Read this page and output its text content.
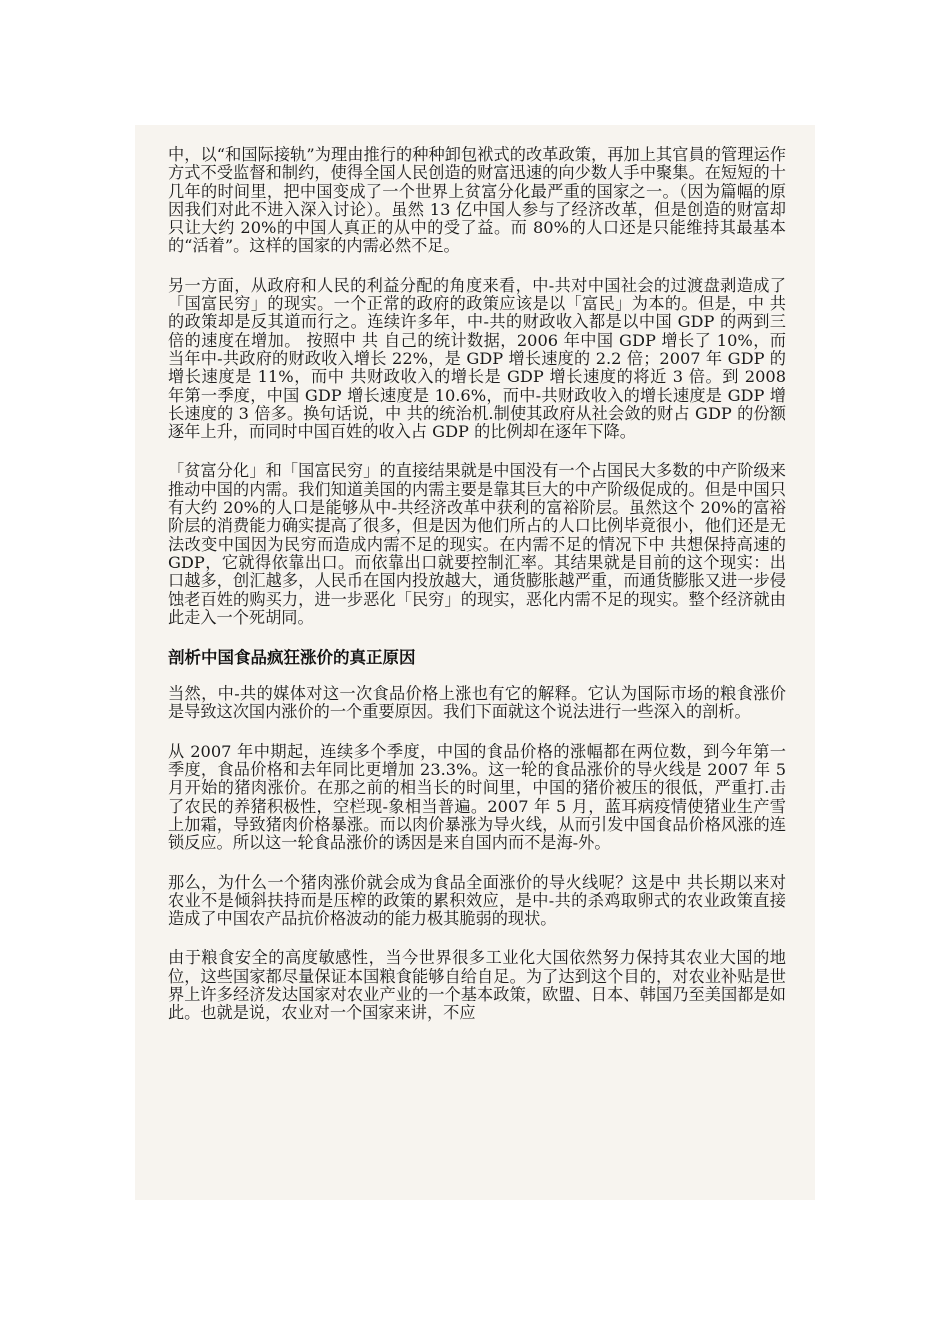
中，以“和国际接轨”为理由推行的种种卸包袱式的改革政策，再加上其官員的管理运作方式不受监督和制约，使得全国人民创造的财富迅速的向少数人手中聚集。在短短的十几年的时间里，把中国变成了一个世界上贫富分化最严重的国家之一。（因为篇幅的原因我们对此不进入深入讨论）。虽然 13 亿中国人参与了经济改革，但是创造的财富却只让大约 20%的中国人真正的从中的受了益。而 80%的人口还是只能维持其最基本的“活着”。这样的国家的内需必然不足。

另一方面，从政府和人民的利益分配的角度来看，中-共对中国社会的过渡盘剥造成了「国富民穷」的现实。一个正常的政府的政策应该是以「富民」为本的。但是，中 共的政策却是反其道而行之。连续许多年，中-共的财政收入都是以中国 GDP 的两到三倍的速度在增加。 按照中 共 自己的统计数据，2006 年中国 GDP 增长了 10%，而当年中-共政府的财政收入增长 22%，是 GDP 增长速度的 2.2 倍；2007 年 GDP 的增长速度是 11%，而中 共财政收入的增长是 GDP 增长速度的将近 3 倍。到 2008 年第一季度，中国 GDP 增长速度是 10.6%，而中-共财政收入的增长速度是 GDP 增长速度的 3 倍多。换句话说，中 共的统治机.制使其政府从社会敛的财占 GDP 的份额逐年上升，而同时中国百姓的收入占 GDP 的比例却在逐年下降。

「贫富分化」和「国富民穷」的直接结果就是中国没有一个占国民大多数的中产阶级来推动中国的内需。我们知道美国的内需主要是靠其巨大的中产阶级促成的。但是中国只有大约 20%的人口是能够从中-共经济改革中获利的富裕阶层。虽然这个 20%的富裕阶层的消费能力确实提高了很多，但是因为他们所占的人口比例毕竟很小，他们还是无法改变中国因为民穷而造成内需不足的现实。在内需不足的情况下中 共想保持高速的 GDP，它就得依靠出口。而依靠出口就要控制汇率。其结果就是目前的这个现实：出口越多，创汇越多，人民币在国内投放越大，通货膨胀越严重，而通货膨胀又进一步侵蚀老百姓的购买力，进一步恶化「民穷」的现实，恶化内需不足的现实。整个经济就由此走入一个死胡同。

剖析中国食品疯狂涨价的真正原因

当然，中-共的媒体对这一次食品价格上涨也有它的解释。它认为国际市场的粮食涨价是导致这次国内涨价的一个重要原因。我们下面就这个说法进行一些深入的剖析。

从 2007 年中期起，连续多个季度，中国的食品价格的涨幅都在两位数，到今年第一季度，食品价格和去年同比更增加 23.3%。这一轮的食品涨价的导火线是 2007 年 5 月开始的猪肉涨价。在那之前的相当长的时间里，中国的猪价被压的很低，严重打.击了农民的养猪积极性，空栏现-象相当普遍。2007 年 5 月，蓝耳病疫情使猪业生产雪上加霜，导致猪肉价格暴涨。而以肉价暴涨为导火线，从而引发中国食品价格风涨的连锁反应。所以这一轮食品涨价的诱因是来自国内而不是海-外。

那么，为什么一个猪肉涨价就会成为食品全面涨价的导火线呢？这是中 共长期以来对农业不是倾斜扶持而是压榨的政策的累积效应，是中-共的杀鸡取卵式的农业政策直接造成了中国农产品抗价格波动的能力极其脆弱的现状。

由于粮食安全的高度敏感性，当今世界很多工业化大国依然努力保持其农业大国的地位，这些国家都尽量保证本国粮食能够自给自足。为了达到这个目的，对农业补贴是世界上许多经济发达国家对农业产业的一个基本政策，欧盟、日本、韩国乃至美国都是如此。也就是说，农业对一个国家来讲，不应
